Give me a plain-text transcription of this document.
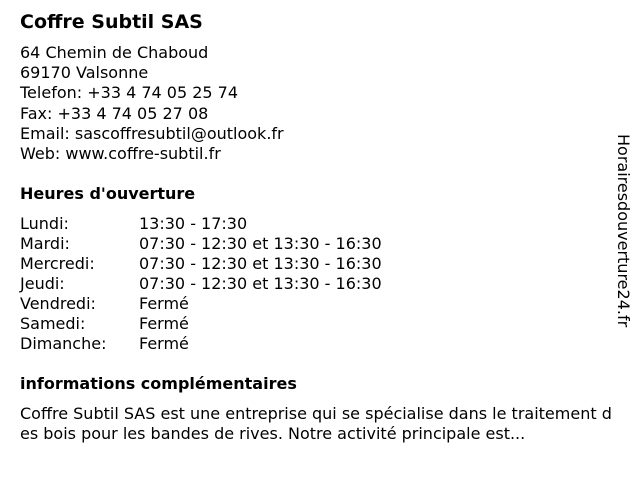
Coffre Subtil SAS
64 Chemin de Chaboud
69170 Valsonne
Telefon: +33 4 74 05 25 74
Fax: +33 4 74 05 27 08
Email: sascoffresubtil@outlook.fr
Web: www.coffre-subtil.fr
Heures d'ouverture
Lundi:	13:30 - 17:30
Mardi:	07:30 - 12:30 et 13:30 - 16:30
Mercredi:	07:30 - 12:30 et 13:30 - 16:30
Jeudi:	07:30 - 12:30 et 13:30 - 16:30
Vendredi:	Fermé
Samedi:	Fermé
Dimanche:	Fermé
informations complémentaires
Coffre Subtil SAS est une entreprise qui se spécialise dans le traitement des bois pour les bandes de rives. Notre activité principale est...
Horairesdouverture24.fr
